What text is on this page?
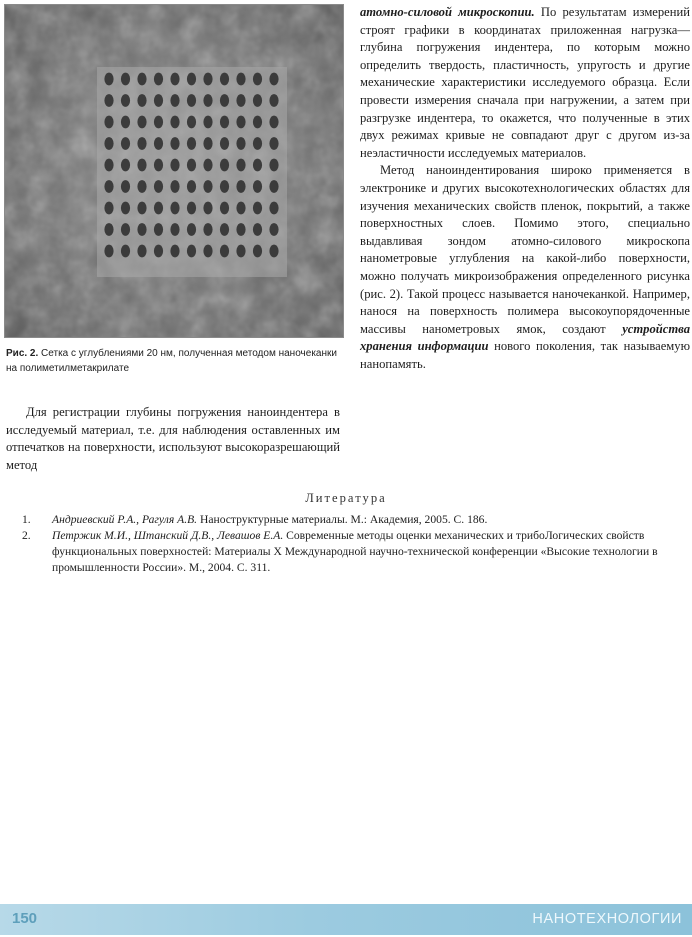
Рис. 2. Сетка с углублениями 20 нм, полученная методом наночеканки на полиметилметакрилате

Для регистрации глубины погружения наноиндентера в исследуемый материал, т.е. для наблюдения оставленных им отпечатков на поверхности, используют высокоразрешающий метод

атомно-силовой микроскопии. По результатам измерений строят графики в координатах приложенная нагрузка—глубина погружения индентера, по которым можно определить твердость, пластичность, упругость и другие механические характеристики исследуемого образца. Если провести измерения сначала при нагружении, а затем при разгрузке индентера, то окажется, что полученные в этих двух режимах кривые не совпадают друг с другом из-за неэластичности исследуемых материалов.

Метод наноиндентирования широко применяется в электронике и других высокотехнологических областях для изучения механических свойств пленок, покрытий, а также поверхностных слоев. Помимо этого, специально выдавливая зондом атомно-силового микроскопа нанометровые углубления на какой-либо поверхности, можно получать микроизображения определенного рисунка (рис. 2). Такой процесс называется наночеканкой. Например, нанося на поверхность полимера высокоупорядоченные массивы нанометровых ямок, создают устройства хранения информации нового поколения, так называемую нанопамять.

Литература
1. Андриевский Р.А., Рагуля А.В. Наноструктурные материалы. М.: Академия, 2005. С. 186.
2. Петржик М.И., Штанский Д.В., Левашов Е.А. Современные методы оценки механических и трибоЛогических свойств функциональных поверхностей: Материалы X Международной научно-технической конференции «Высокие технологии в промышленности России». М., 2004. С. 311.
150	НАНОТЕХНОЛОГИИ
